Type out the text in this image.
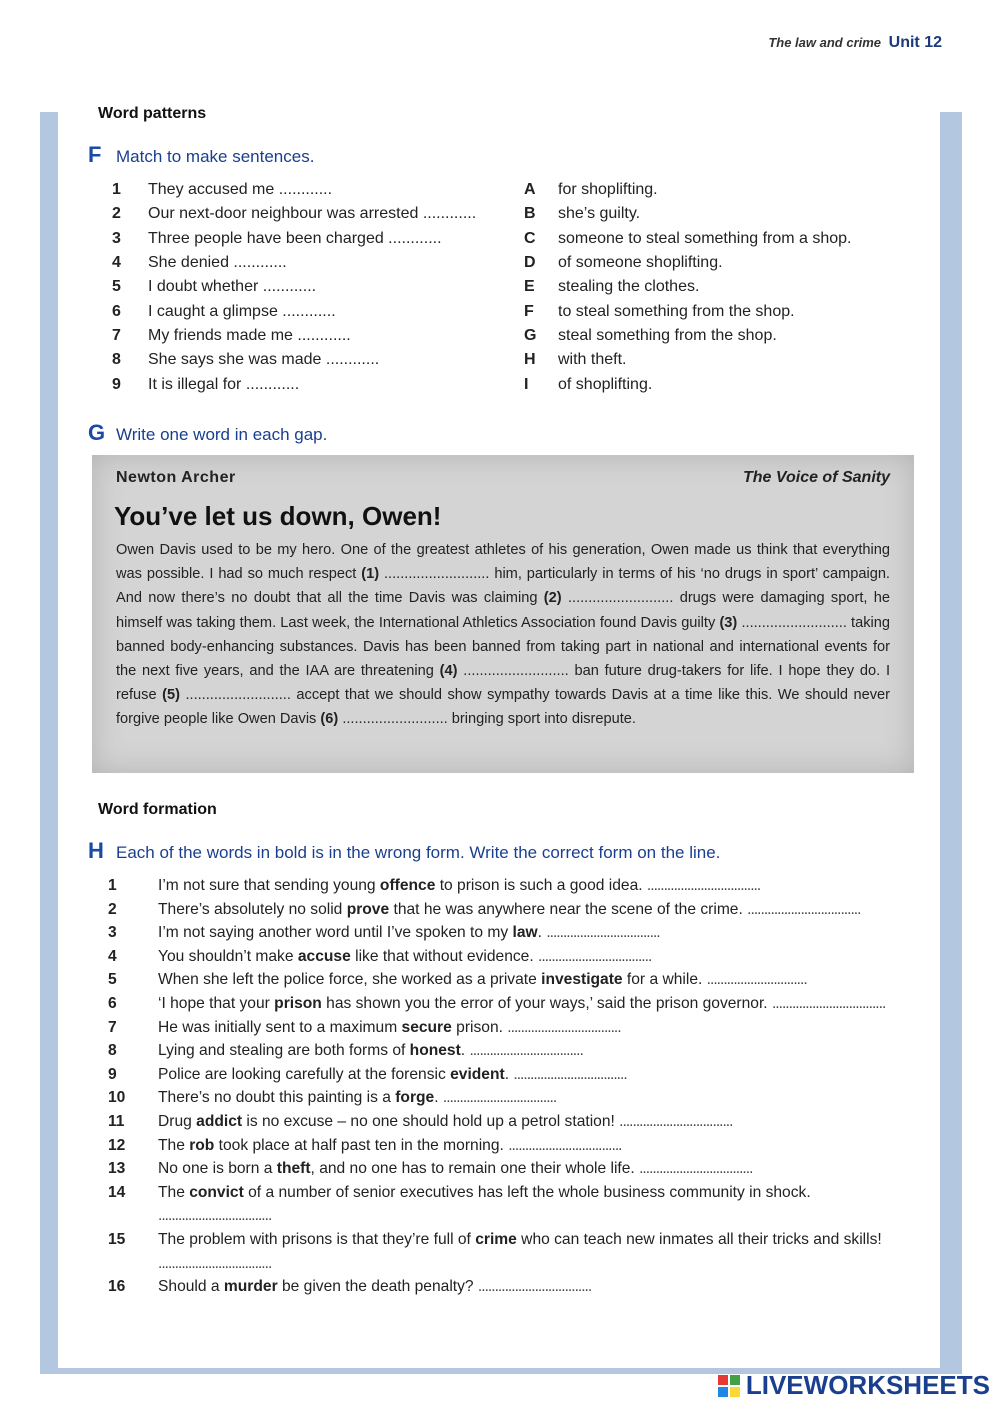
The law and crime Unit 12
Word patterns
F Match to make sentences.
1	They accused me ............	A	for shoplifting.
2	Our next-door neighbour was arrested ............	B	she’s guilty.
3	Three people have been charged ............	C	someone to steal something from a shop.
4	She denied ............	D	of someone shoplifting.
5	I doubt whether ............	E	stealing the clothes.
6	I caught a glimpse ............	F	to steal something from the shop.
7	My friends made me ............	G	steal something from the shop.
8	She says she was made ............	H	with theft.
9	It is illegal for ............	I	of shoplifting.
G Write one word in each gap.
Newton Archer	The Voice of Sanity
You’ve let us down, Owen!
Owen Davis used to be my hero. One of the greatest athletes of his generation, Owen made us think that everything was possible. I had so much respect (1) .......................... him, particularly in terms of his ‘no drugs in sport’ campaign. And now there’s no doubt that all the time Davis was claiming (2) .......................... drugs were damaging sport, he himself was taking them. Last week, the International Athletics Association found Davis guilty (3) .......................... taking banned body-enhancing substances. Davis has been banned from taking part in national and international events for the next five years, and the IAA are threatening (4) .......................... ban future drug-takers for life. I hope they do. I refuse (5) .......................... accept that we should show sympathy towards Davis at a time like this. We should never forgive people like Owen Davis (6) .......................... bringing sport into disrepute.
Word formation
H Each of the words in bold is in the wrong form. Write the correct form on the line.
1	I’m not sure that sending young offence to prison is such a good idea. ..................................
2	There’s absolutely no solid prove that he was anywhere near the scene of the crime. ..................................
3	I’m not saying another word until I’ve spoken to my law. ..................................
4	You shouldn’t make accuse like that without evidence. ..................................
5	When she left the police force, she worked as a private investigate for a while. ..............................
6	‘I hope that your prison has shown you the error of your ways,’ said the prison governor. ..................................
7	He was initially sent to a maximum secure prison. ..................................
8	Lying and stealing are both forms of honest. ..................................
9	Police are looking carefully at the forensic evident. ..................................
10	There’s no doubt this painting is a forge. ..................................
11	Drug addict is no excuse – no one should hold up a petrol station! ..................................
12	The rob took place at half past ten in the morning. ..................................
13	No one is born a theft, and no one has to remain one their whole life. ..................................
14	The convict of a number of senior executives has left the whole business community in shock. ..................................
15	The problem with prisons is that they’re full of crime who can teach new inmates all their tricks and skills! ..................................
16	Should a murder be given the death penalty? ..................................
LIVEWORKSHEETS
